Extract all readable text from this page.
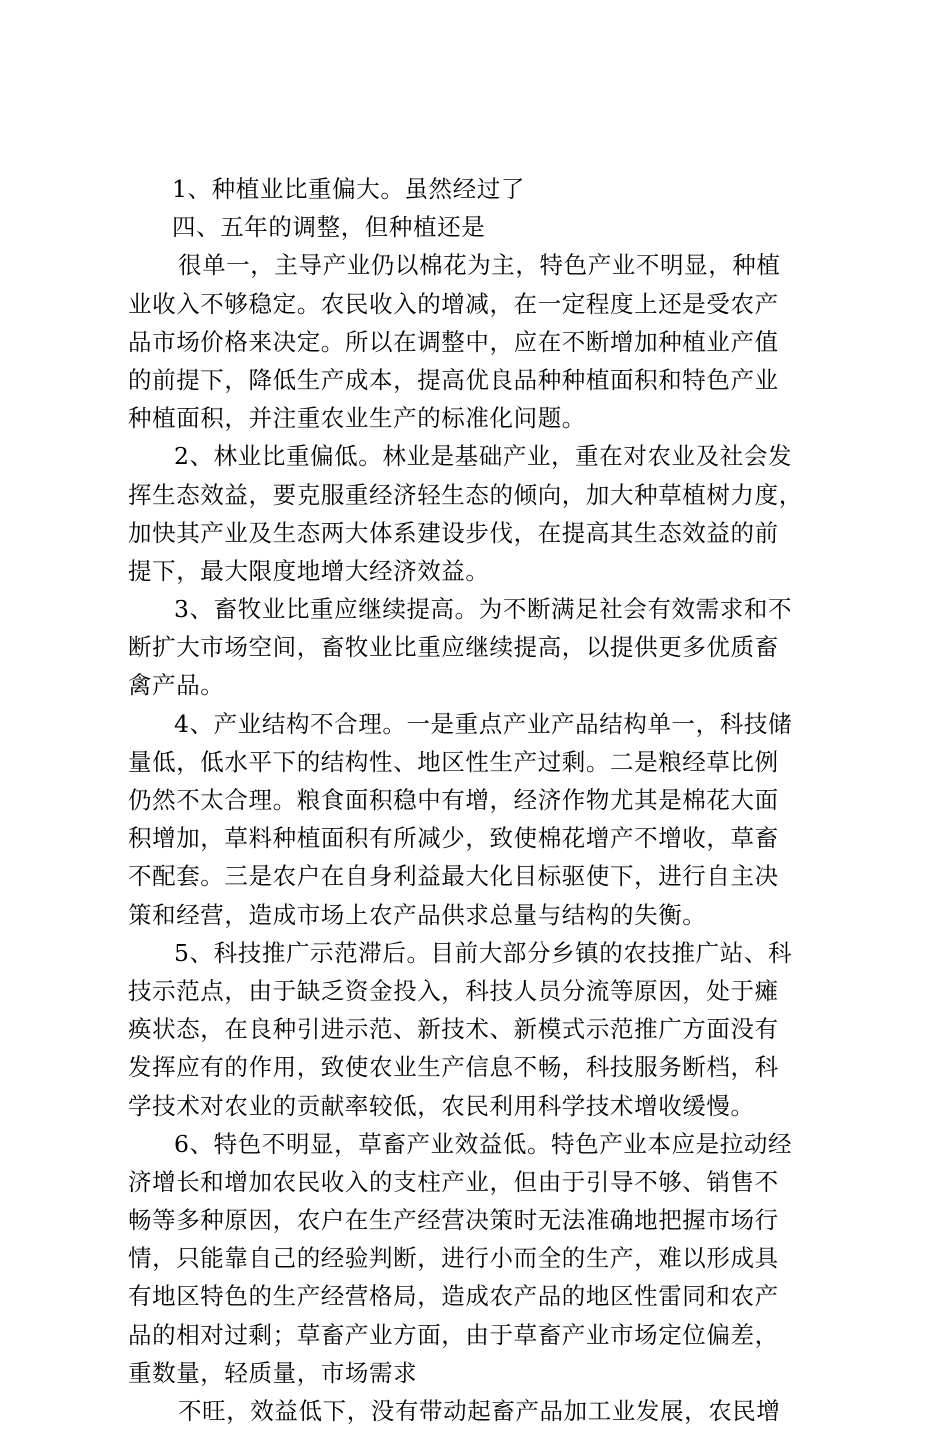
1、种植业比重偏大。虽然经过了
四、五年的调整，但种植还是
很单一，主导产业仍以棉花为主，特色产业不明显，种植
业收入不够稳定。农民收入的增减，在一定程度上还是受农产
品市场价格来决定。所以在调整中，应在不断增加种植业产值
的前提下，降低生产成本，提高优良品种种植面积和特色产业
种植面积，并注重农业生产的标准化问题。
2、林业比重偏低。林业是基础产业，重在对农业及社会发
挥生态效益，要克服重经济轻生态的倾向，加大种草植树力度，
加快其产业及生态两大体系建设步伐，在提高其生态效益的前
提下，最大限度地增大经济效益。
3、畜牧业比重应继续提高。为不断满足社会有效需求和不
断扩大市场空间，畜牧业比重应继续提高，以提供更多优质畜
禽产品。
4、产业结构不合理。一是重点产业产品结构单一，科技储
量低，低水平下的结构性、地区性生产过剩。二是粮经草比例
仍然不太合理。粮食面积稳中有增，经济作物尤其是棉花大面
积增加，草料种植面积有所减少，致使棉花增产不增收，草畜
不配套。三是农户在自身利益最大化目标驱使下，进行自主决
策和经营，造成市场上农产品供求总量与结构的失衡。
5、科技推广示范滞后。目前大部分乡镇的农技推广站、科
技示范点，由于缺乏资金投入，科技人员分流等原因，处于瘫
痪状态，在良种引进示范、新技术、新模式示范推广方面没有
发挥应有的作用，致使农业生产信息不畅，科技服务断档，科
学技术对农业的贡献率较低，农民利用科学技术增收缓慢。
6、特色不明显，草畜产业效益低。特色产业本应是拉动经
济增长和增加农民收入的支柱产业，但由于引导不够、销售不
畅等多种原因，农户在生产经营决策时无法准确地把握市场行
情，只能靠自己的经验判断，进行小而全的生产，难以形成具
有地区特色的生产经营格局，造成农产品的地区性雷同和农产
品的相对过剩；草畜产业方面，由于草畜产业市场定位偏差，
重数量，轻质量，市场需求
不旺，效益低下，没有带动起畜产品加工业发展，农民增
